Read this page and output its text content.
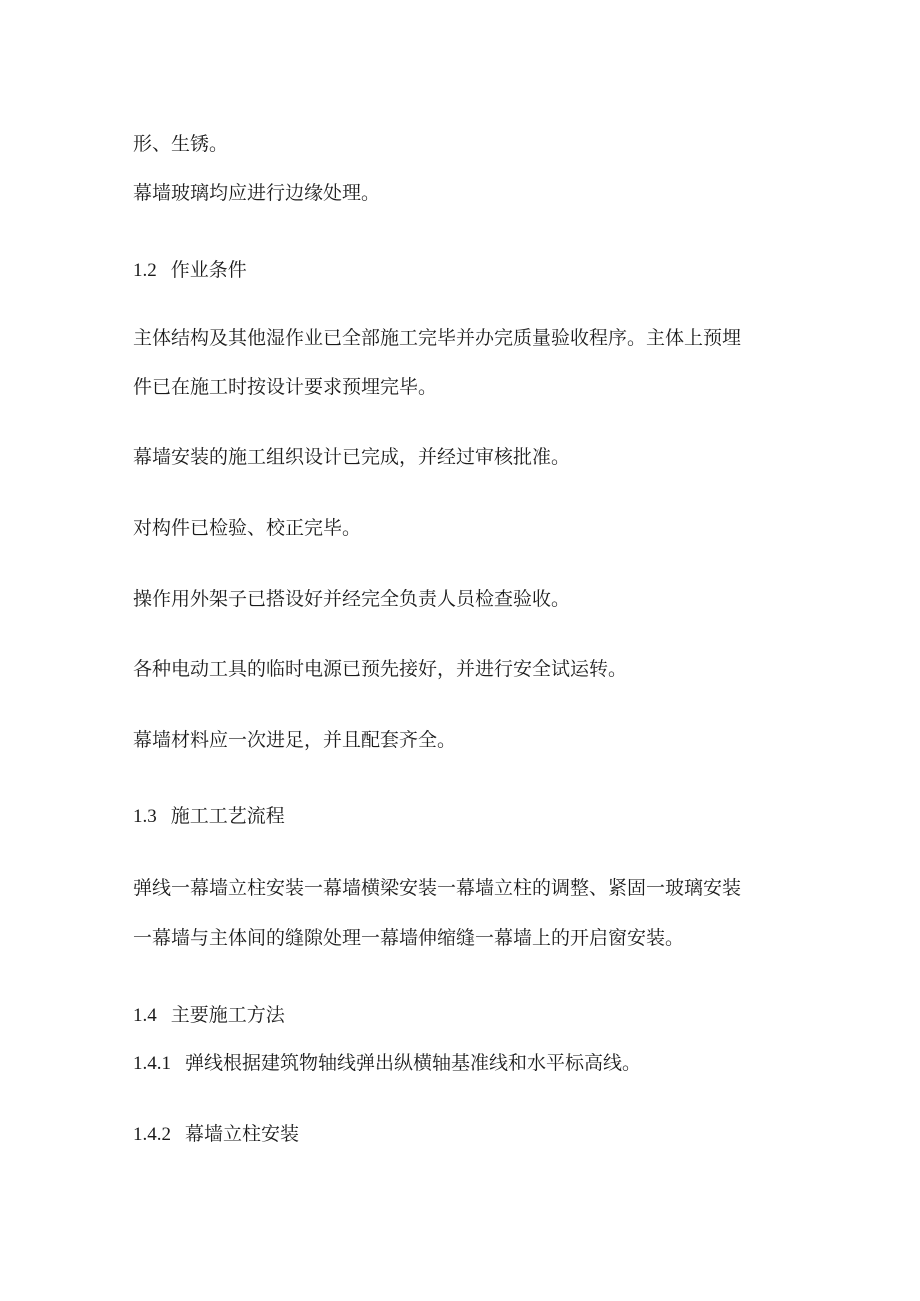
形、生锈。
幕墙玻璃均应进行边缘处理。
1.2 作业条件
主体结构及其他湿作业已全部施工完毕并办完质量验收程序。主体上预埋
件已在施工时按设计要求预埋完毕。
幕墙安装的施工组织设计已完成，并经过审核批准。
对构件已检验、校正完毕。
操作用外架子已搭设好并经完全负责人员检查验收。
各种电动工具的临时电源已预先接好，并进行安全试运转。
幕墙材料应一次进足，并且配套齐全。
1.3 施工工艺流程
弹线一幕墙立柱安装一幕墙横梁安装一幕墙立柱的调整、紧固一玻璃安装
一幕墙与主体间的缝隙处理一幕墙伸缩缝一幕墙上的开启窗安装。
1.4 主要施工方法
1.4.1 弹线根据建筑物轴线弹出纵横轴基准线和水平标高线。
1.4.2 幕墙立柱安装
